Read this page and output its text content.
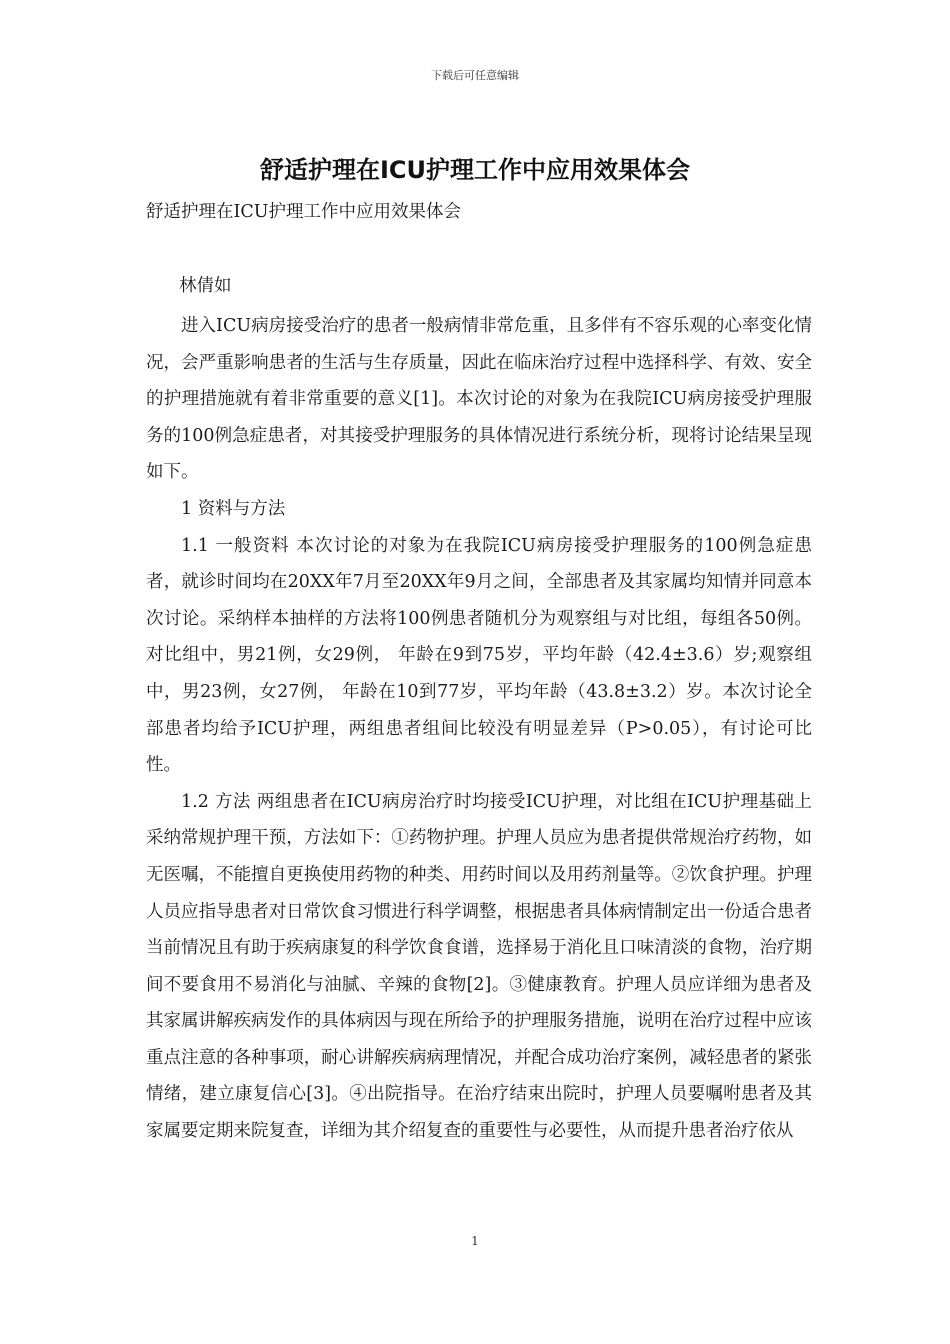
下载后可任意编辑
舒适护理在ICU护理工作中应用效果体会

舒适护理在ICU护理工作中应用效果体会

林倩如

进入ICU病房接受治疗的患者一般病情非常危重，且多伴有不容乐观的心率变化情况，会严重影响患者的生活与生存质量，因此在临床治疗过程中选择科学、有效、安全的护理措施就有着非常重要的意义[1]。本次讨论的对象为在我院ICU病房接受护理服务的100例急症患者，对其接受护理服务的具体情况进行系统分析，现将讨论结果呈现如下。

1 资料与方法

1.1 一般资料 本次讨论的对象为在我院ICU病房接受护理服务的100例急症患者，就诊时间均在20XX年7月至20XX年9月之间，全部患者及其家属均知情并同意本次讨论。采纳样本抽样的方法将100例患者随机分为观察组与对比组，每组各50例。对比组中，男21例，女29例， 年龄在9到75岁，平均年龄（42.4±3.6）岁;观察组中，男23例，女27例， 年龄在10到77岁，平均年龄（43.8±3.2）岁。本次讨论全部患者均给予ICU护理，两组患者组间比较没有明显差异（P>0.05），有讨论可比性。

1.2 方法 两组患者在ICU病房治疗时均接受ICU护理，对比组在ICU护理基础上采纳常规护理干预，方法如下：①药物护理。护理人员应为患者提供常规治疗药物，如无医嘱，不能擅自更换使用药物的种类、用药时间以及用药剂量等。②饮食护理。护理人员应指导患者对日常饮食习惯进行科学调整，根据患者具体病情制定出一份适合患者当前情况且有助于疾病康复的科学饮食食谱，选择易于消化且口味清淡的食物，治疗期间不要食用不易消化与油腻、辛辣的食物[2]。③健康教育。护理人员应详细为患者及其家属讲解疾病发作的具体病因与现在所给予的护理服务措施，说明在治疗过程中应该重点注意的各种事项，耐心讲解疾病病理情况，并配合成功治疗案例，减轻患者的紧张情绪，建立康复信心[3]。④出院指导。在治疗结束出院时，护理人员要嘱咐患者及其家属要定期来院复查，详细为其介绍复查的重要性与必要性，从而提升患者治疗依从

1
